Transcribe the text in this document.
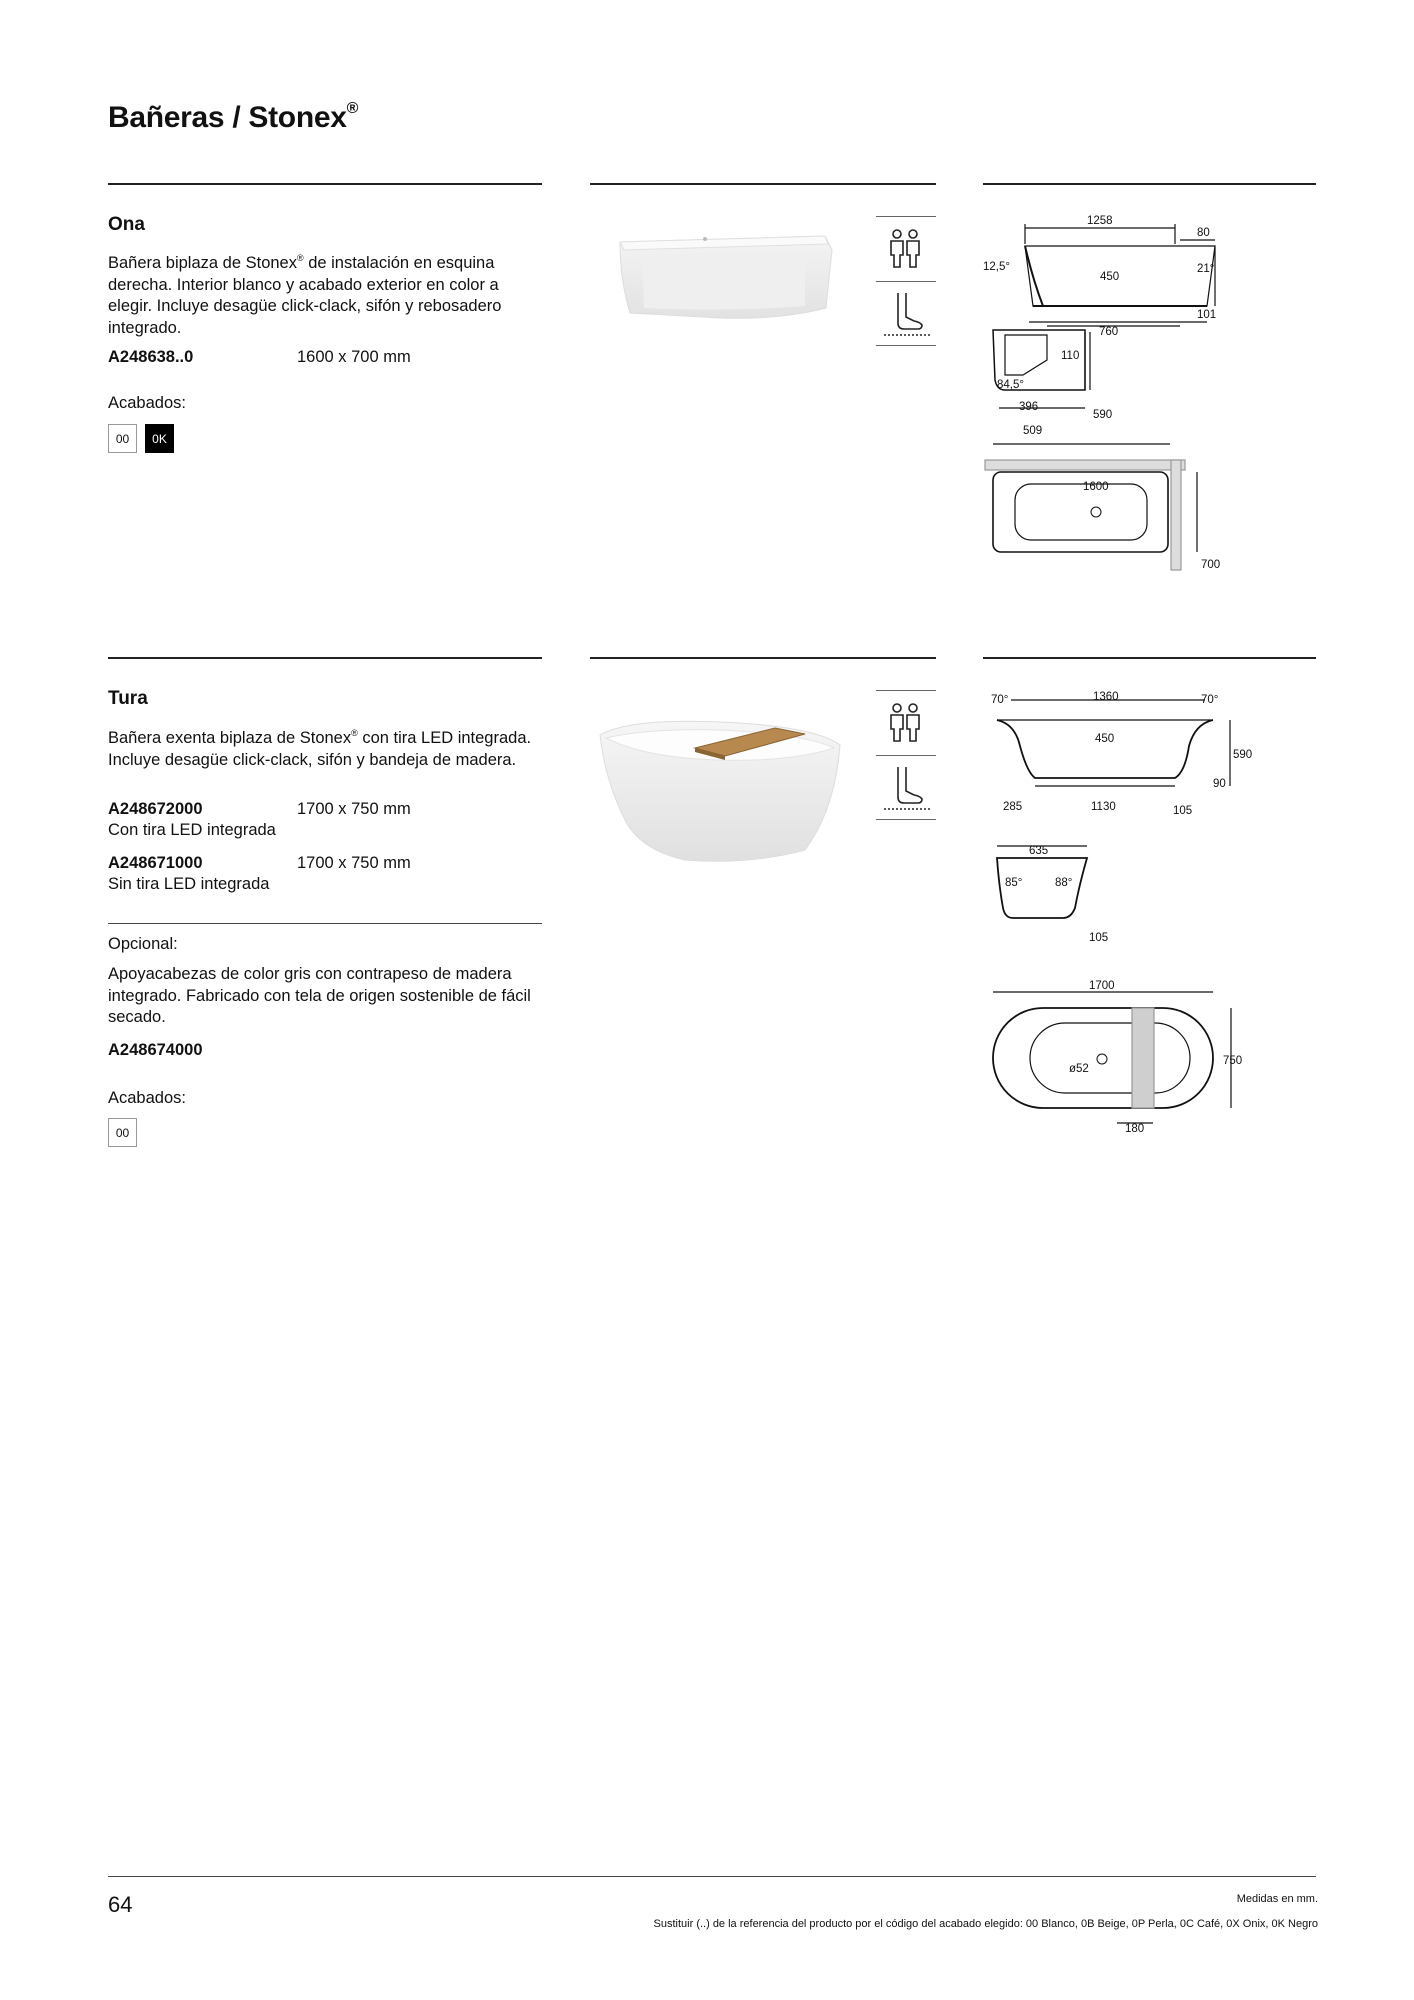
Bañeras / Stonex®
Ona
Bañera biplaza de Stonex® de instalación en esquina derecha. Interior blanco y acabado exterior en color a elegir. Incluye desagüe click-clack, sifón y rebosadero integrado.
A248638..0	1600 x 700 mm
Acabados:
00	0K
1258
80
12,5°
450
21°
101
760
110
84,5°
396
590
509
1600
700
Tura
Bañera exenta biplaza de Stonex® con tira LED integrada. Incluye desagüe click-clack, sifón y bandeja de madera.
A248672000	1700 x 750 mm
Con tira LED integrada
A248671000	1700 x 750 mm
Sin tira LED integrada
Opcional:
Apoyacabezas de color gris con contrapeso de madera integrado. Fabricado con tela de origen sostenible de fácil secado.
A248674000
Acabados:
00
70°	1360	70°
450
590
90
285	1130	105
635
85°	88°
105
1700
750
ø52
180
64	Medidas en mm.
Sustituir (..) de la referencia del producto por el código del acabado elegido: 00 Blanco, 0B Beige, 0P Perla, 0C Café, 0X Onix, 0K Negro
